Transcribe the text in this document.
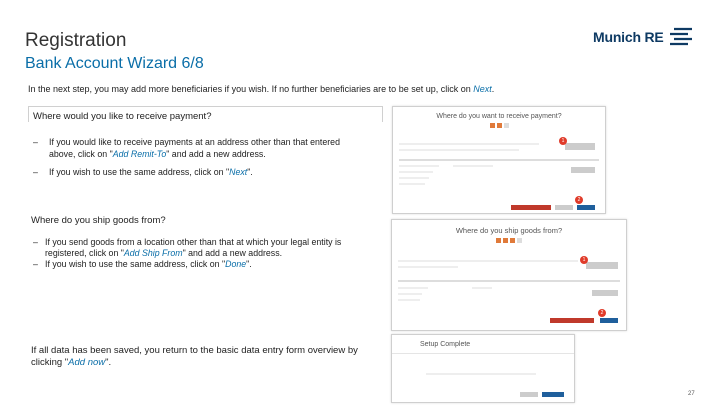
Registration
Bank Account Wizard 6/8
Munich RE
In the next step, you may add more beneficiaries if you wish. If no further beneficiaries are to be set up, click on Next.
Where would you like to receive payment?
–	If you would like to receive payments at an address other than that entered above, click on "Add Remit-To" and add a new address.
–	If you wish to use the same address, click on "Next".
Where do you ship goods from?
– If you send goods from a location other than that at which your legal entity is registered, click on "Add Ship From" and add a new address.
– If you wish to use the same address, click on "Done".
If all data has been saved, you return to the basic data entry form overview by clicking "Add now".
Where do you want to receive payment?
1
2
Where do you ship goods from?
1
2
Setup Complete
27
